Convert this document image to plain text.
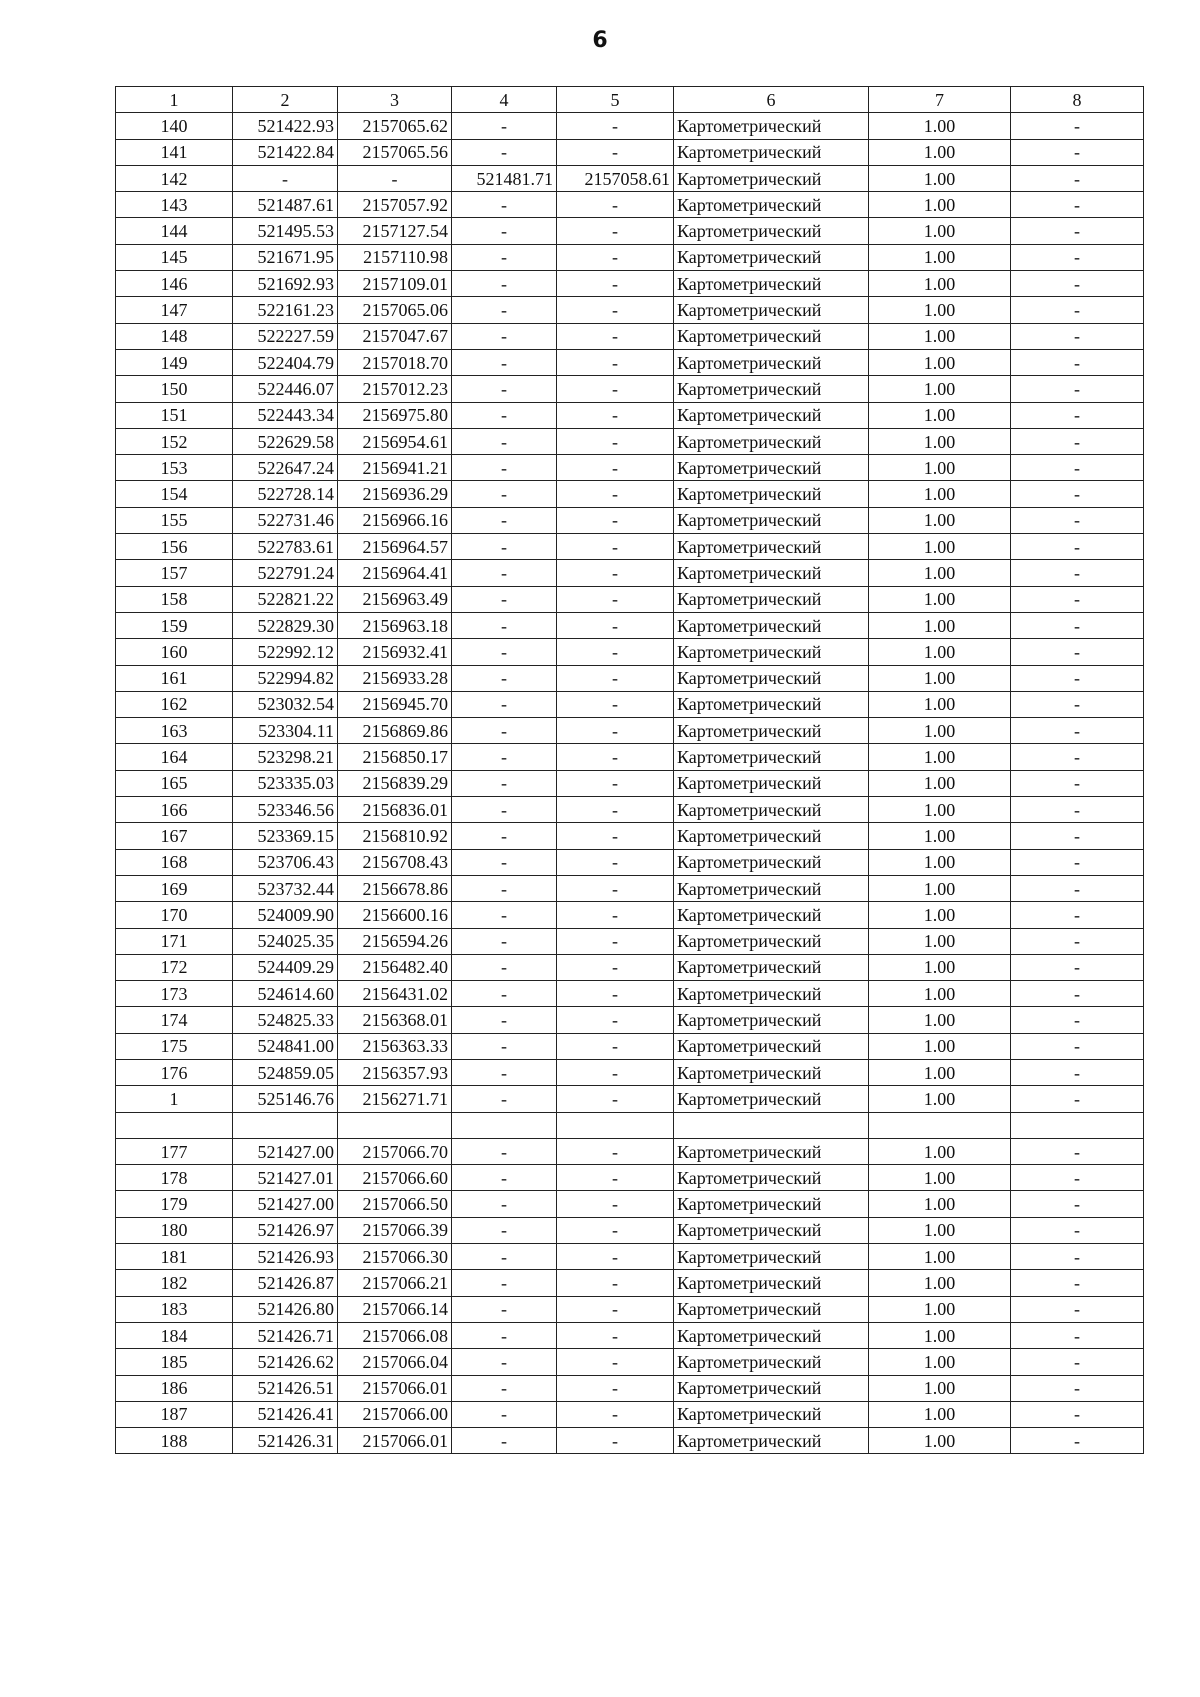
6
1	2	3	4	5	6	7	8
140	521422.93	2157065.62	-	-	Картометрический	1.00	-
141	521422.84	2157065.56	-	-	Картометрический	1.00	-
142	-	-	521481.71	2157058.61	Картометрический	1.00	-
143	521487.61	2157057.92	-	-	Картометрический	1.00	-
144	521495.53	2157127.54	-	-	Картометрический	1.00	-
145	521671.95	2157110.98	-	-	Картометрический	1.00	-
146	521692.93	2157109.01	-	-	Картометрический	1.00	-
147	522161.23	2157065.06	-	-	Картометрический	1.00	-
148	522227.59	2157047.67	-	-	Картометрический	1.00	-
149	522404.79	2157018.70	-	-	Картометрический	1.00	-
150	522446.07	2157012.23	-	-	Картометрический	1.00	-
151	522443.34	2156975.80	-	-	Картометрический	1.00	-
152	522629.58	2156954.61	-	-	Картометрический	1.00	-
153	522647.24	2156941.21	-	-	Картометрический	1.00	-
154	522728.14	2156936.29	-	-	Картометрический	1.00	-
155	522731.46	2156966.16	-	-	Картометрический	1.00	-
156	522783.61	2156964.57	-	-	Картометрический	1.00	-
157	522791.24	2156964.41	-	-	Картометрический	1.00	-
158	522821.22	2156963.49	-	-	Картометрический	1.00	-
159	522829.30	2156963.18	-	-	Картометрический	1.00	-
160	522992.12	2156932.41	-	-	Картометрический	1.00	-
161	522994.82	2156933.28	-	-	Картометрический	1.00	-
162	523032.54	2156945.70	-	-	Картометрический	1.00	-
163	523304.11	2156869.86	-	-	Картометрический	1.00	-
164	523298.21	2156850.17	-	-	Картометрический	1.00	-
165	523335.03	2156839.29	-	-	Картометрический	1.00	-
166	523346.56	2156836.01	-	-	Картометрический	1.00	-
167	523369.15	2156810.92	-	-	Картометрический	1.00	-
168	523706.43	2156708.43	-	-	Картометрический	1.00	-
169	523732.44	2156678.86	-	-	Картометрический	1.00	-
170	524009.90	2156600.16	-	-	Картометрический	1.00	-
171	524025.35	2156594.26	-	-	Картометрический	1.00	-
172	524409.29	2156482.40	-	-	Картометрический	1.00	-
173	524614.60	2156431.02	-	-	Картометрический	1.00	-
174	524825.33	2156368.01	-	-	Картометрический	1.00	-
175	524841.00	2156363.33	-	-	Картометрический	1.00	-
176	524859.05	2156357.93	-	-	Картометрический	1.00	-
1	525146.76	2156271.71	-	-	Картометрический	1.00	-

177	521427.00	2157066.70	-	-	Картометрический	1.00	-
178	521427.01	2157066.60	-	-	Картометрический	1.00	-
179	521427.00	2157066.50	-	-	Картометрический	1.00	-
180	521426.97	2157066.39	-	-	Картометрический	1.00	-
181	521426.93	2157066.30	-	-	Картометрический	1.00	-
182	521426.87	2157066.21	-	-	Картометрический	1.00	-
183	521426.80	2157066.14	-	-	Картометрический	1.00	-
184	521426.71	2157066.08	-	-	Картометрический	1.00	-
185	521426.62	2157066.04	-	-	Картометрический	1.00	-
186	521426.51	2157066.01	-	-	Картометрический	1.00	-
187	521426.41	2157066.00	-	-	Картометрический	1.00	-
188	521426.31	2157066.01	-	-	Картометрический	1.00	-
